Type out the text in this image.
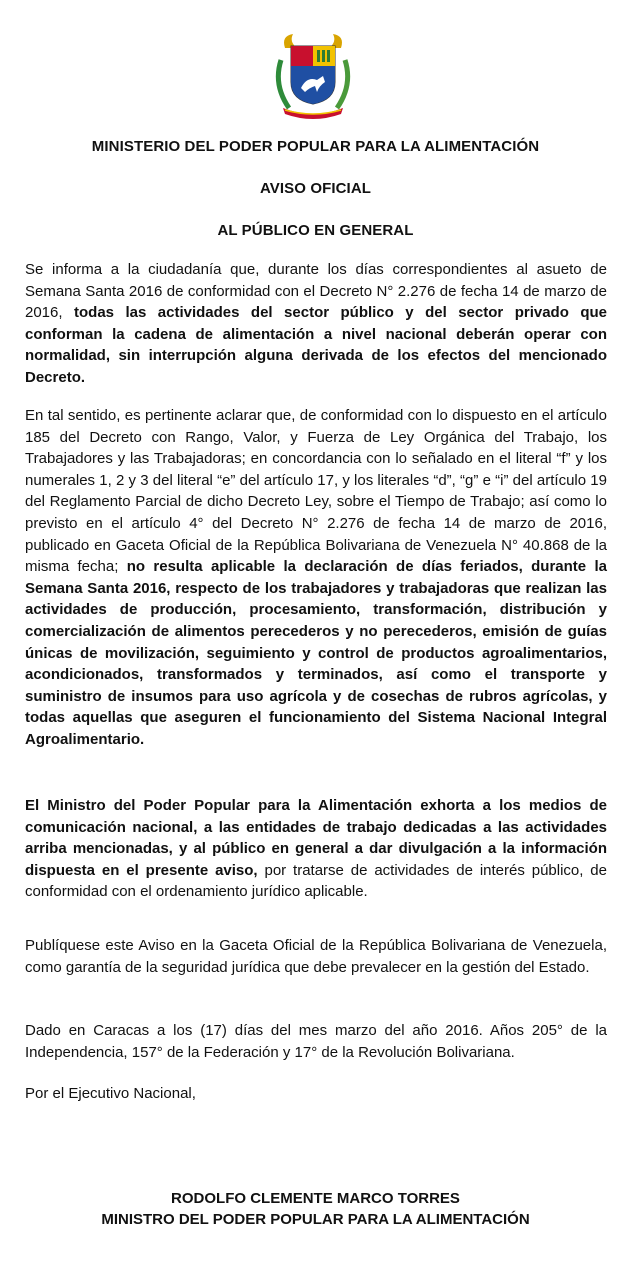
MINISTERIO DEL PODER POPULAR PARA LA ALIMENTACIÓN
AVISO OFICIAL
AL PÚBLICO EN GENERAL

Se informa a la ciudadanía que, durante los días correspondientes al asueto de Semana Santa 2016 de conformidad con el Decreto N° 2.276 de fecha 14 de marzo de 2016, todas las actividades del sector público y del sector privado que conforman la cadena de alimentación a nivel nacional deberán operar con normalidad, sin interrupción alguna derivada de los efectos del mencionado Decreto.

En tal sentido, es pertinente aclarar que, de conformidad con lo dispuesto en el artículo 185 del Decreto con Rango, Valor, y Fuerza de Ley Orgánica del Trabajo, los Trabajadores y las Trabajadoras; en concordancia con lo señalado en el literal “f” y los numerales 1, 2 y 3 del literal “e” del artículo 17, y los literales “d”, “g” e “i” del artículo 19 del Reglamento Parcial de dicho Decreto Ley, sobre el Tiempo de Trabajo; así como lo previsto en el artículo 4° del Decreto N° 2.276 de fecha 14 de marzo de 2016, publicado en Gaceta Oficial de la República Bolivariana de Venezuela N° 40.868 de la misma fecha; no resulta aplicable la declaración de días feriados, durante la Semana Santa 2016, respecto de los trabajadores y trabajadoras que realizan las actividades de producción, procesamiento, transformación, distribución y comercialización de alimentos perecederos y no perecederos, emisión de guías únicas de movilización, seguimiento y control de productos agroalimentarios, acondicionados, transformados y terminados, así como el transporte y suministro de insumos para uso agrícola y de cosechas de rubros agrícolas, y todas aquellas que aseguren el funcionamiento del Sistema Nacional Integral Agroalimentario.

El Ministro del Poder Popular para la Alimentación exhorta a los medios de comunicación nacional, a las entidades de trabajo dedicadas a las actividades arriba mencionadas, y al público en general a dar divulgación a la información dispuesta en el presente aviso, por tratarse de actividades de interés público, de conformidad con el ordenamiento jurídico aplicable.

Publíquese este Aviso en la Gaceta Oficial de la República Bolivariana de Venezuela, como garantía de la seguridad jurídica que debe prevalecer en la gestión del Estado.

Dado en Caracas a los (17) días del mes marzo del año 2016. Años 205° de la Independencia, 157° de la Federación y 17° de la Revolución Bolivariana.

Por el Ejecutivo Nacional,

RODOLFO CLEMENTE MARCO TORRES
MINISTRO DEL PODER POPULAR PARA LA ALIMENTACIÓN
